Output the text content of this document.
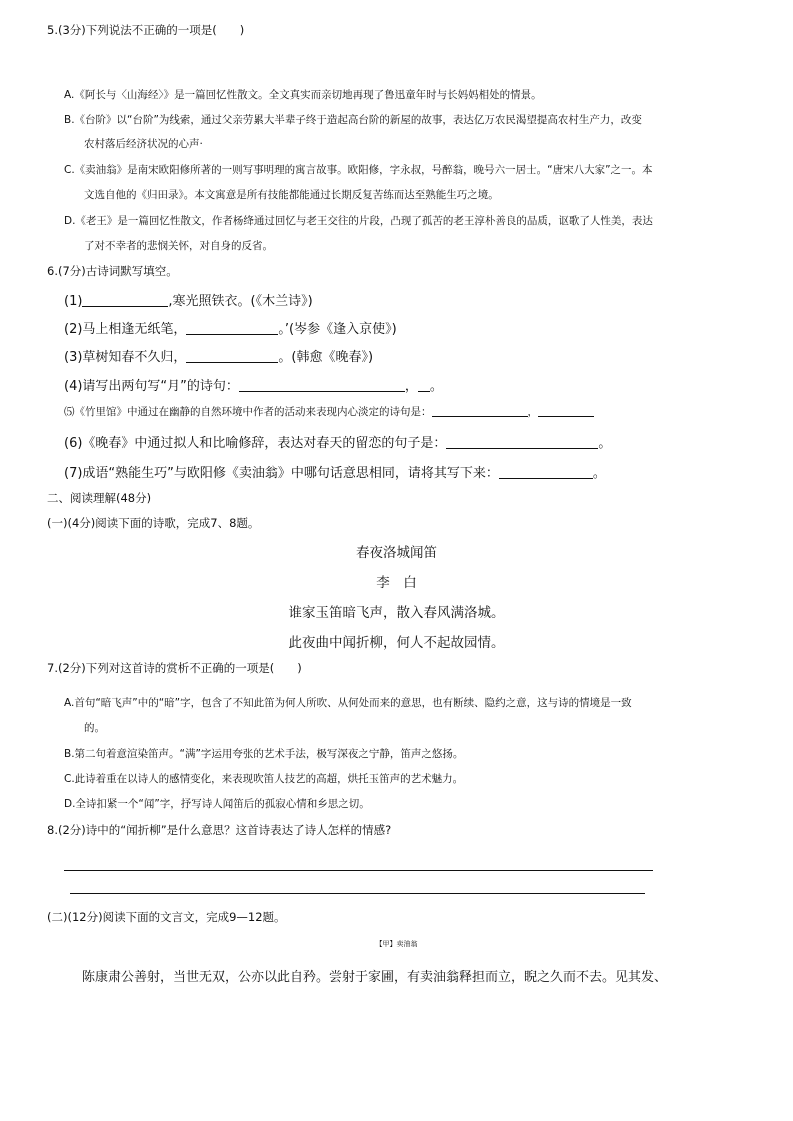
5.(3分)下列说法不正确的一项是(　　)
A.《阿长与〈山海经〉》是一篇回忆性散文。全文真实而亲切地再现了鲁迅童年时与长妈妈相处的情景。
B.《台阶》以“台阶”为线索，通过父亲劳累大半辈子终于造起高台阶的新屋的故事，表达亿万农民渴望提高农村生产力，改变
农村落后经济状况的心声·
C.《卖油翁》是南宋欧阳修所著的一则写事明理的寓言故事。欧阳修，字永叔，号醉翁，晚号六一居士。“唐宋八大家”之一。本
文选自他的《归田录》。本文寓意是所有技能都能通过长期反复苦练而达至熟能生巧之境。
D.《老王》是一篇回忆性散文，作者杨绛通过回忆与老王交往的片段，凸现了孤苦的老王淳朴善良的品质，讴歌了人性美，表达
了对不幸者的悲悯关怀，对自身的反省。
6.(7分)古诗词默写填空。
(1)	,寒光照铁衣。(《木兰诗》)
(2)马上相逢无纸笔，	。’(岑参《逢入京使》)
(3)草树知春不久归，	。(韩愈《晚春》)
(4)请写出两句写“月”的诗句：	， 。
⑸《竹里馆》中通过在幽静的自然环境中作者的活动来表现内心淡定的诗句是：	，
(6)《晚春》中通过拟人和比喻修辞，表达对春天的留恋的句子是：	。
(7)成语“熟能生巧”与欧阳修《卖油翁》中哪句话意思相同，请将其写下来：	。
二、阅读理解(48分)
(一)(4分)阅读下面的诗歌，完成7、8题。
春夜洛城闻笛
李　白
谁家玉笛暗飞声，散入春风满洛城。
此夜曲中闻折柳，何人不起故园情。
7.(2分)下列对这首诗的赏析不正确的一项是(　　)
A.首句“暗飞声”中的“暗”字，包含了不知此笛为何人所吹、从何处而来的意思，也有断续、隐约之意，这与诗的情境是一致
的。
B.第二句着意渲染笛声。“满”字运用夸张的艺术手法，极写深夜之宁静，笛声之悠扬。
C.此诗着重在以诗人的感情变化，来表现吹笛人技艺的高超，烘托玉笛声的艺术魅力。
D.全诗扣紧一个“闻”字，抒写诗人闻笛后的孤寂心情和乡思之切。
8.(2分)诗中的“闻折柳”是什么意思？这首诗表达了诗人怎样的情感?
(二)(12分)阅读下面的文言文，完成9—12题。
【甲】卖油翁
陈康肃公善射，当世无双，公亦以此自矜。尝射于家圃，有卖油翁释担而立，睨之久而不去。见其发、
